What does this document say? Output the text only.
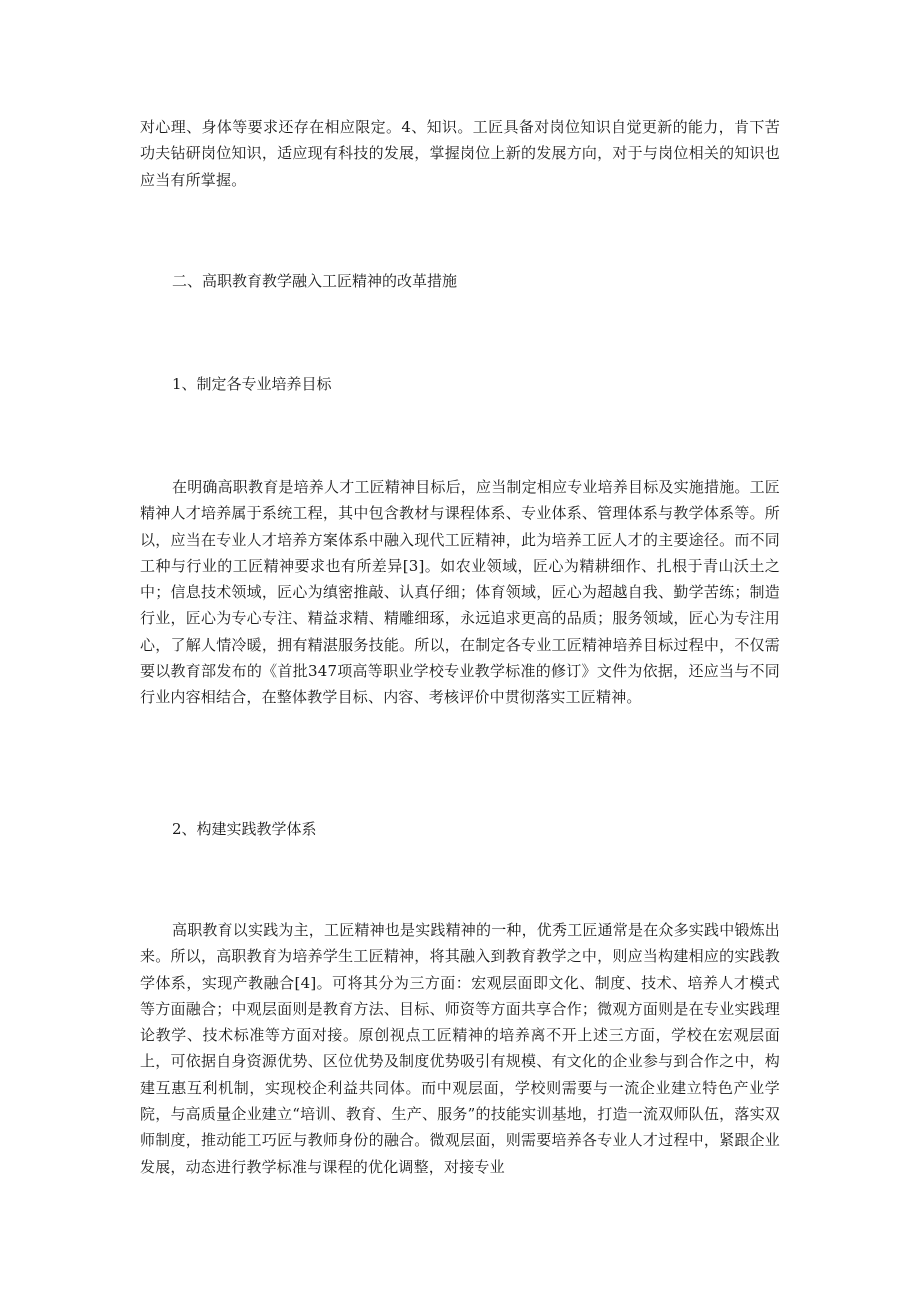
对心理、身体等要求还存在相应限定。4、知识。工匠具备对岗位知识自觉更新的能力，肯下苦功夫钻研岗位知识，适应现有科技的发展，掌握岗位上新的发展方向，对于与岗位相关的知识也应当有所掌握。

二、高职教育教学融入工匠精神的改革措施

1、制定各专业培养目标

在明确高职教育是培养人才工匠精神目标后，应当制定相应专业培养目标及实施措施。工匠精神人才培养属于系统工程，其中包含教材与课程体系、专业体系、管理体系与教学体系等。所以，应当在专业人才培养方案体系中融入现代工匠精神，此为培养工匠人才的主要途径。而不同工种与行业的工匠精神要求也有所差异[3]。如农业领域，匠心为精耕细作、扎根于青山沃土之中；信息技术领域，匠心为缜密推敲、认真仔细；体育领域，匠心为超越自我、勤学苦练；制造行业，匠心为专心专注、精益求精、精雕细琢，永远追求更高的品质；服务领域，匠心为专注用心，了解人情冷暖，拥有精湛服务技能。所以，在制定各专业工匠精神培养目标过程中，不仅需要以教育部发布的《首批347项高等职业学校专业教学标准的修订》文件为依据，还应当与不同行业内容相结合，在整体教学目标、内容、考核评价中贯彻落实工匠精神。

2、构建实践教学体系

高职教育以实践为主，工匠精神也是实践精神的一种，优秀工匠通常是在众多实践中锻炼出来。所以，高职教育为培养学生工匠精神，将其融入到教育教学之中，则应当构建相应的实践教学体系，实现产教融合[4]。可将其分为三方面：宏观层面即文化、制度、技术、培养人才模式等方面融合；中观层面则是教育方法、目标、师资等方面共享合作；微观方面则是在专业实践理论教学、技术标准等方面对接。原创视点工匠精神的培养离不开上述三方面，学校在宏观层面上，可依据自身资源优势、区位优势及制度优势吸引有规模、有文化的企业参与到合作之中，构建互惠互利机制，实现校企利益共同体。而中观层面，学校则需要与一流企业建立特色产业学院，与高质量企业建立“培训、教育、生产、服务”的技能实训基地，打造一流双师队伍，落实双师制度，推动能工巧匠与教师身份的融合。微观层面，则需要培养各专业人才过程中，紧跟企业发展，动态进行教学标准与课程的优化调整，对接专业
